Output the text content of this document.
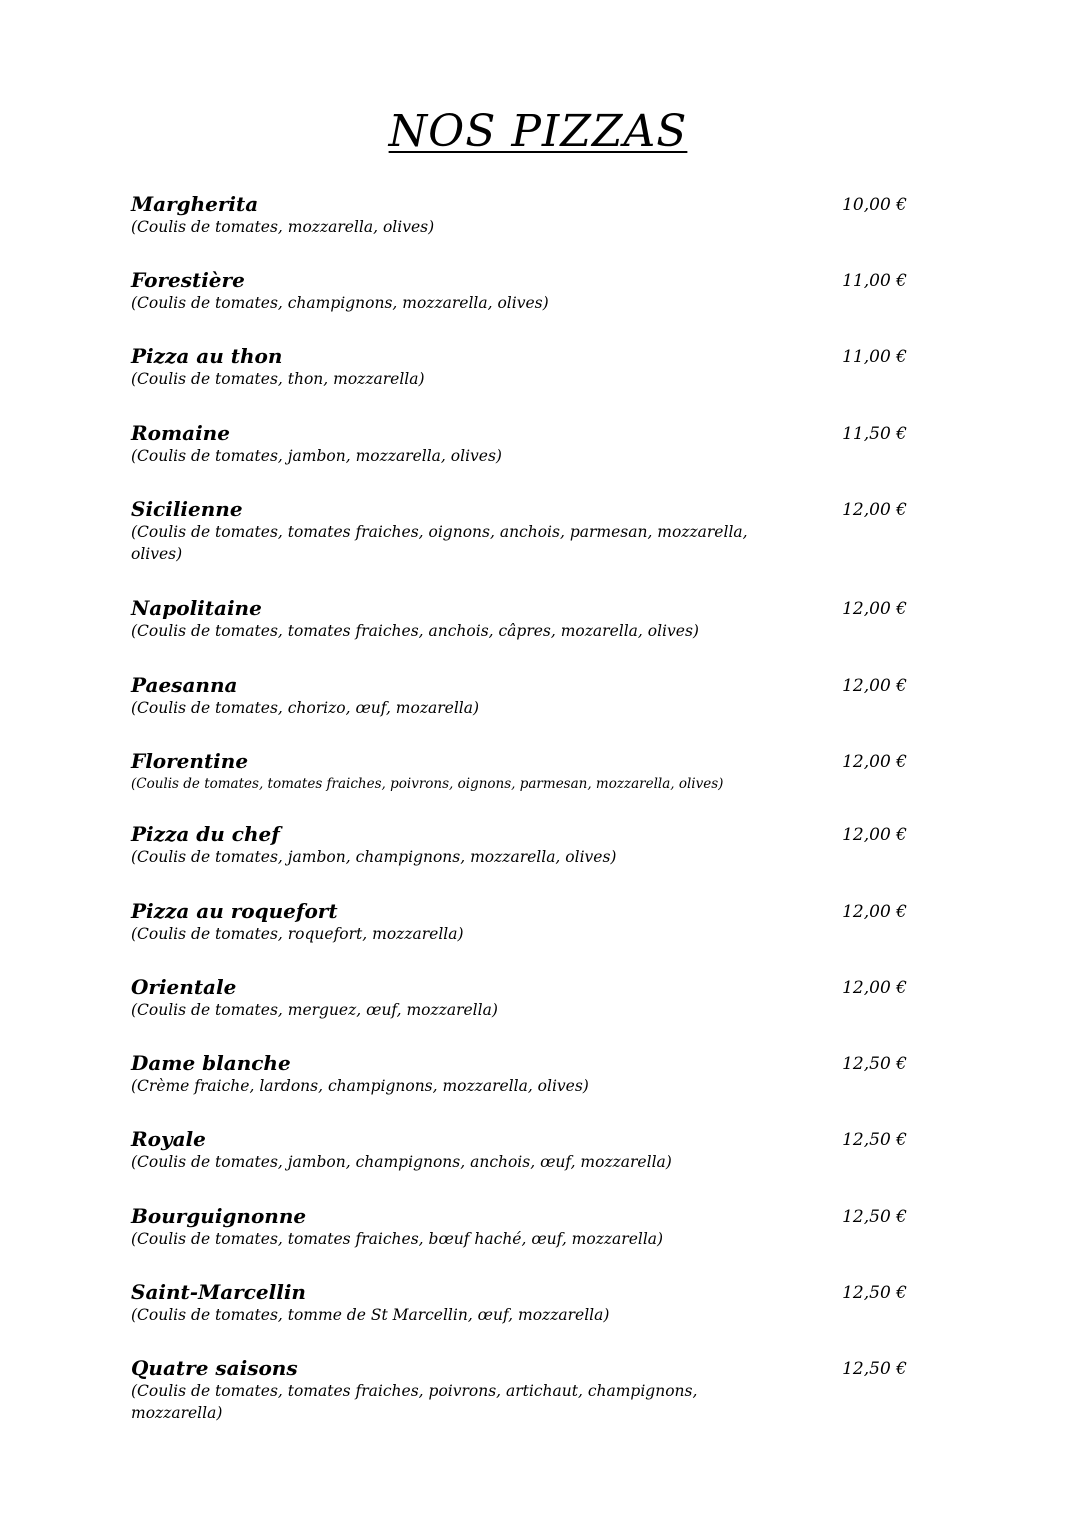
NOS PIZZAS
Margherita	10,00 €
(Coulis de tomates, mozzarella, olives)
Forestière	11,00 €
(Coulis de tomates, champignons, mozzarella, olives)
Pizza au thon	11,00 €
(Coulis de tomates, thon, mozzarella)
Romaine	11,50 €
(Coulis de tomates, jambon, mozzarella, olives)
Sicilienne	12,00 €
(Coulis de tomates, tomates fraiches, oignons, anchois, parmesan, mozzarella, olives)
Napolitaine	12,00 €
(Coulis de tomates, tomates fraiches, anchois, câpres, mozarella, olives)
Paesanna	12,00 €
(Coulis de tomates, chorizo, œuf, mozarella)
Florentine	12,00 €
(Coulis de tomates, tomates fraiches, poivrons, oignons, parmesan, mozzarella, olives)
Pizza du chef	12,00 €
(Coulis de tomates, jambon, champignons, mozzarella, olives)
Pizza au roquefort	12,00 €
(Coulis de tomates, roquefort, mozzarella)
Orientale	12,00 €
(Coulis de tomates, merguez, œuf, mozzarella)
Dame blanche	12,50 €
(Crème fraiche, lardons, champignons, mozzarella, olives)
Royale	12,50 €
(Coulis de tomates, jambon, champignons, anchois, œuf, mozzarella)
Bourguignonne	12,50 €
(Coulis de tomates, tomates fraiches, bœuf haché, œuf, mozzarella)
Saint-Marcellin	12,50 €
(Coulis de tomates, tomme de St Marcellin, œuf, mozzarella)
Quatre saisons	12,50 €
(Coulis de tomates, tomates fraiches, poivrons, artichaut, champignons, mozzarella)
